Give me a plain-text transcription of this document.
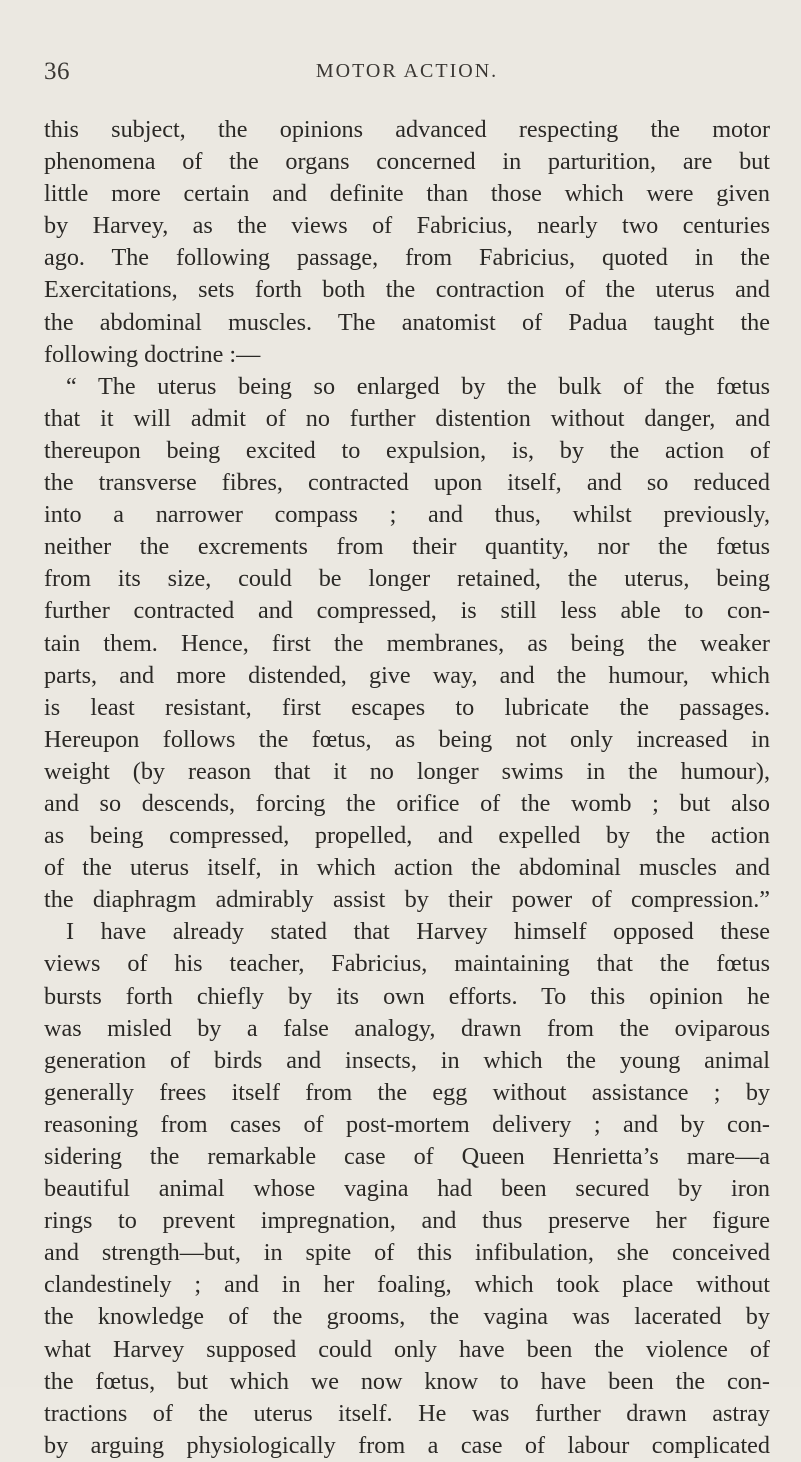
36	MOTOR ACTION.
this subject, the opinions advanced respecting the motor
phenomena of the organs concerned in parturition, are but
little more certain and definite than those which were given
by Harvey, as the views of Fabricius, nearly two centuries
ago. The following passage, from Fabricius, quoted in the
Exercitations, sets forth both the contraction of the uterus and
the abdominal muscles. The anatomist of Padua taught the
following doctrine :—
“ The uterus being so enlarged by the bulk of the fœtus
that it will admit of no further distention without danger, and
thereupon being excited to expulsion, is, by the action of
the transverse fibres, contracted upon itself, and so reduced
into a narrower compass ; and thus, whilst previously,
neither the excrements from their quantity, nor the fœtus
from its size, could be longer retained, the uterus, being
further contracted and compressed, is still less able to con-
tain them. Hence, first the membranes, as being the weaker
parts, and more distended, give way, and the humour, which
is least resistant, first escapes to lubricate the passages.
Hereupon follows the fœtus, as being not only increased in
weight (by reason that it no longer swims in the humour),
and so descends, forcing the orifice of the womb ; but also
as being compressed, propelled, and expelled by the action
of the uterus itself, in which action the abdominal muscles and
the diaphragm admirably assist by their power of compression.”
I have already stated that Harvey himself opposed these
views of his teacher, Fabricius, maintaining that the fœtus
bursts forth chiefly by its own efforts. To this opinion he
was misled by a false analogy, drawn from the oviparous
generation of birds and insects, in which the young animal
generally frees itself from the egg without assistance ; by
reasoning from cases of post-mortem delivery ; and by con-
sidering the remarkable case of Queen Henrietta’s mare—a
beautiful animal whose vagina had been secured by iron
rings to prevent impregnation, and thus preserve her figure
and strength—but, in spite of this infibulation, she conceived
clandestinely ; and in her foaling, which took place without
the knowledge of the grooms, the vagina was lacerated by
what Harvey supposed could only have been the violence of
the fœtus, but which we now know to have been the con-
tractions of the uterus itself. He was further drawn astray
by arguing physiologically from a case of labour complicated
